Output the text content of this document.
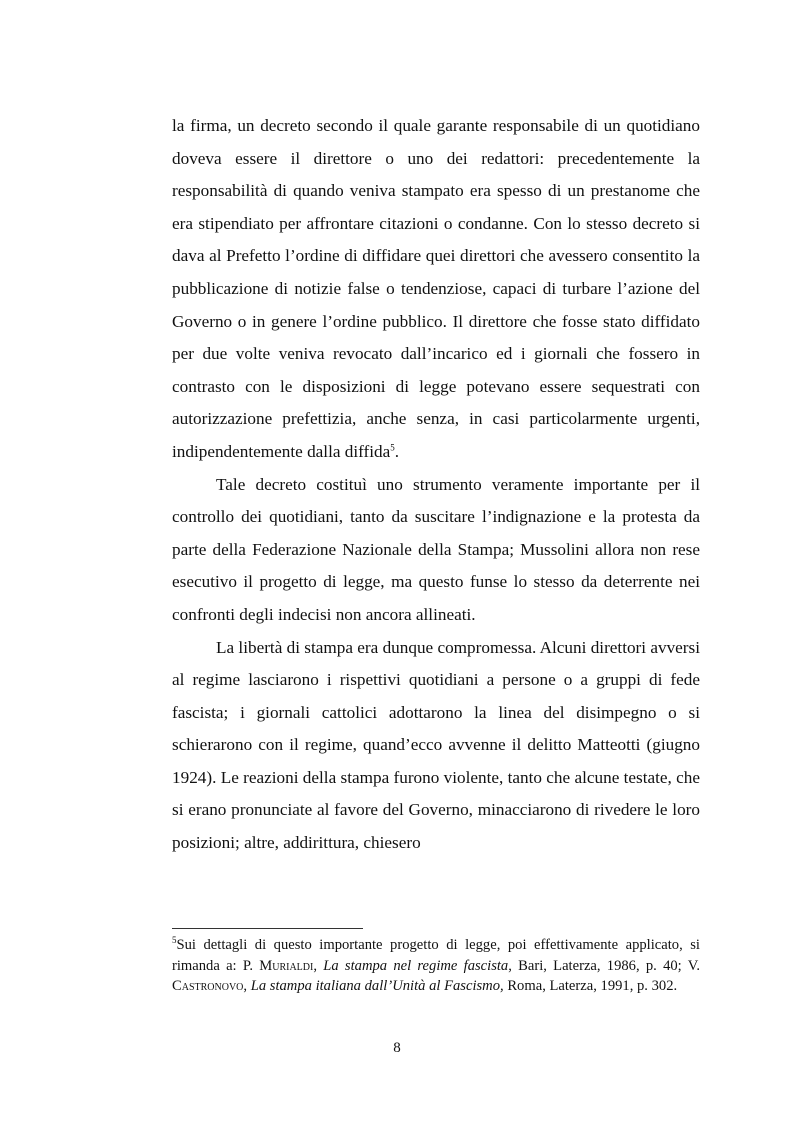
la firma, un decreto secondo il quale garante responsabile di un quotidiano doveva essere il direttore o uno dei redattori: precedentemente la responsabilità di quando veniva stampato era spesso di un prestanome che era stipendiato per affrontare citazioni o condanne. Con lo stesso decreto si dava al Prefetto l’ordine di diffidare quei direttori che avessero consentito la pubblicazione di notizie false o tendenziose, capaci di turbare l’azione del Governo o in genere l’ordine pubblico. Il direttore che fosse stato diffidato per due volte veniva revocato dall’incarico ed i giornali che fossero in contrasto con le disposizioni di legge potevano essere sequestrati con autorizzazione prefettizia, anche senza, in casi particolarmente urgenti, indipendentemente dalla diffida$^5$.

Tale decreto costituì uno strumento veramente importante per il controllo dei quotidiani, tanto da suscitare l’indignazione e la protesta da parte della Federazione Nazionale della Stampa; Mussolini allora non rese esecutivo il progetto di legge, ma questo funse lo stesso da deterrente nei confronti degli indecisi non ancora allineati.

La libertà di stampa era dunque compromessa. Alcuni direttori avversi al regime lasciarono i rispettivi quotidiani a persone o a gruppi di fede fascista; i giornali cattolici adottarono la linea del disimpegno o si schierarono con il regime, quand’ecco avvenne il delitto Matteotti (giugno 1924). Le reazioni della stampa furono violente, tanto che alcune testate, che si erano pronunciate al favore del Governo, minacciarono di rivedere le loro posizioni; altre, addirittura, chiesero

$^5$Sui dettagli di questo importante progetto di legge, poi effettivamente applicato, si rimanda a: P. Murialdi, La stampa nel regime fascista, Bari, Laterza, 1986, p. 40; V. Castronovo, La stampa italiana dall’Unità al Fascismo, Roma, Laterza, 1991, p. 302.
8
